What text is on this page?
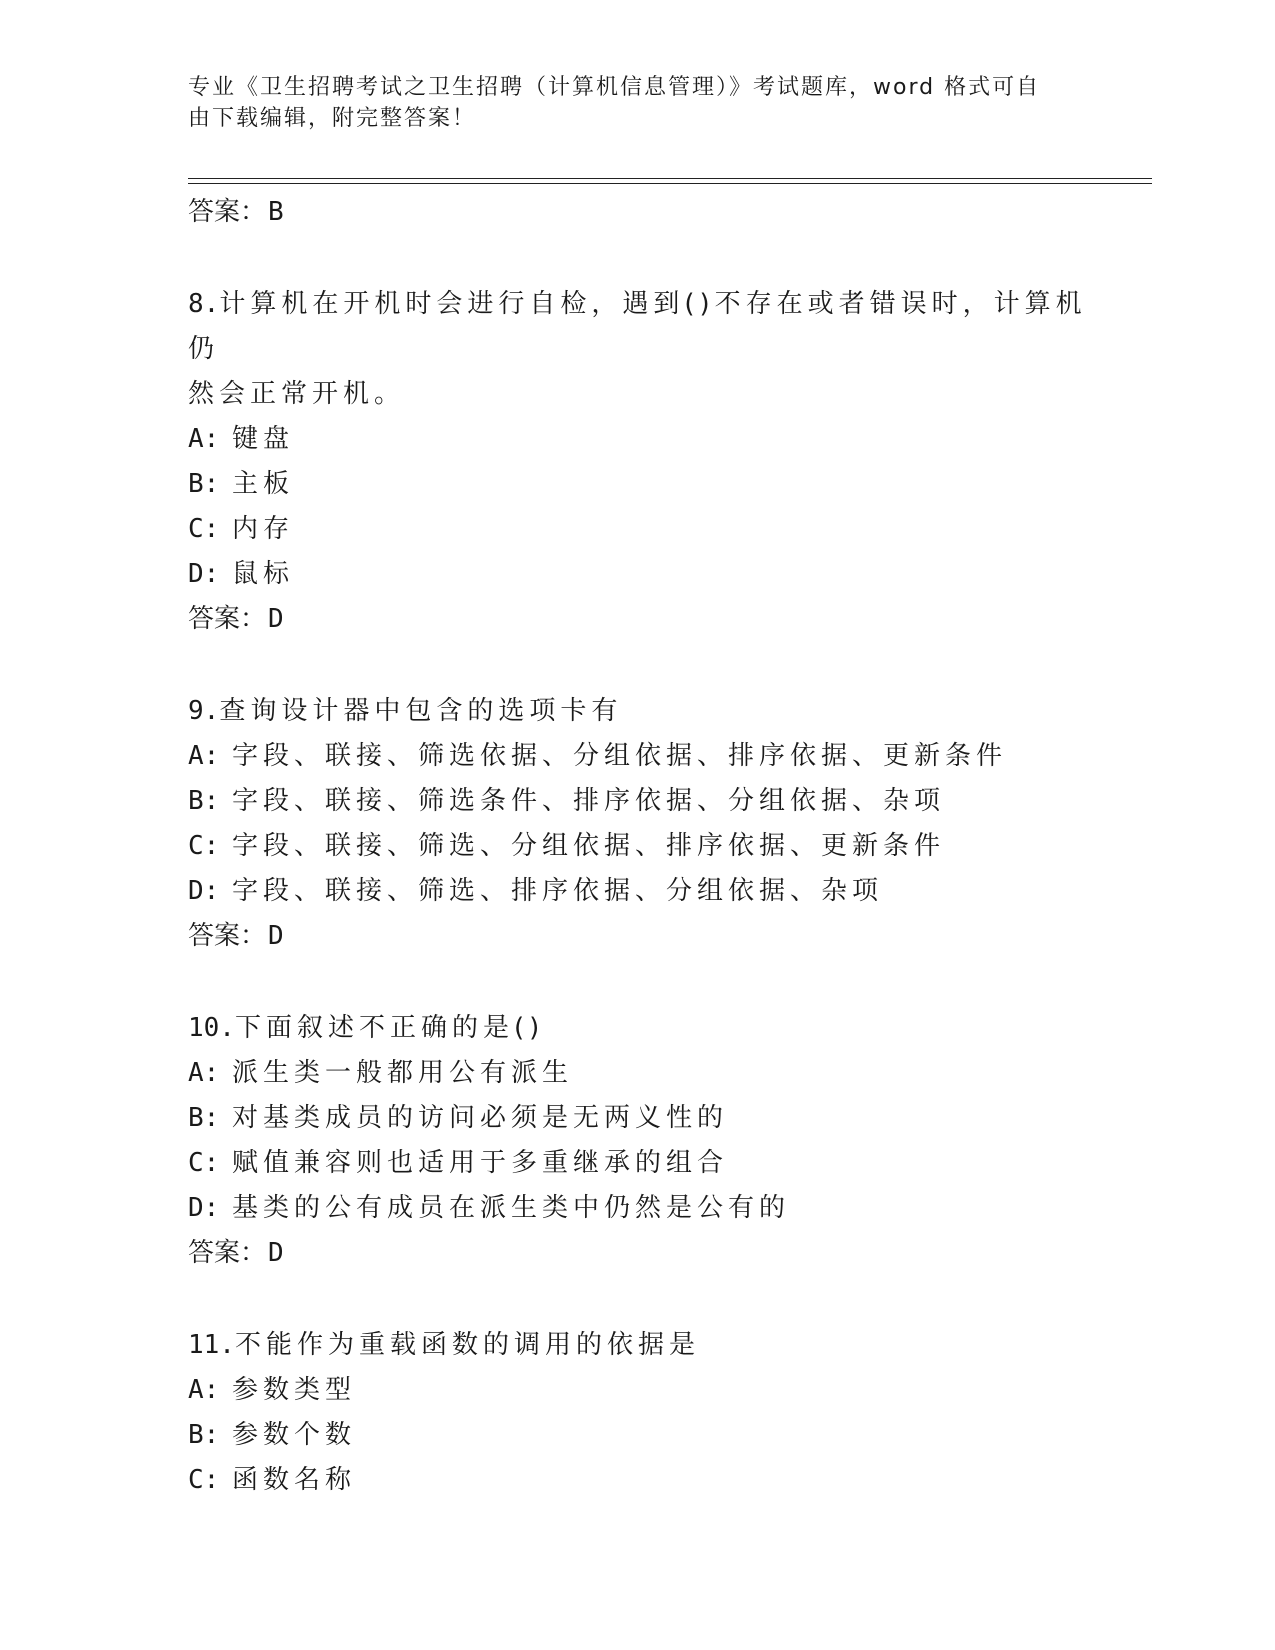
专业《卫生招聘考试之卫生招聘（计算机信息管理）》考试题库，word 格式可自
由下载编辑，附完整答案！
答案：B
8.计算机在开机时会进行自检，遇到()不存在或者错误时，计算机仍
然会正常开机。
A: 键盘
B: 主板
C: 内存
D: 鼠标
答案：D
9.查询设计器中包含的选项卡有
A: 字段、联接、筛选依据、分组依据、排序依据、更新条件
B: 字段、联接、筛选条件、排序依据、分组依据、杂项
C: 字段、联接、筛选、分组依据、排序依据、更新条件
D: 字段、联接、筛选、排序依据、分组依据、杂项
答案：D
10.下面叙述不正确的是()
A: 派生类一般都用公有派生
B: 对基类成员的访问必须是无两义性的
C: 赋值兼容则也适用于多重继承的组合
D: 基类的公有成员在派生类中仍然是公有的
答案：D
11.不能作为重载函数的调用的依据是
A: 参数类型
B: 参数个数
C: 函数名称
